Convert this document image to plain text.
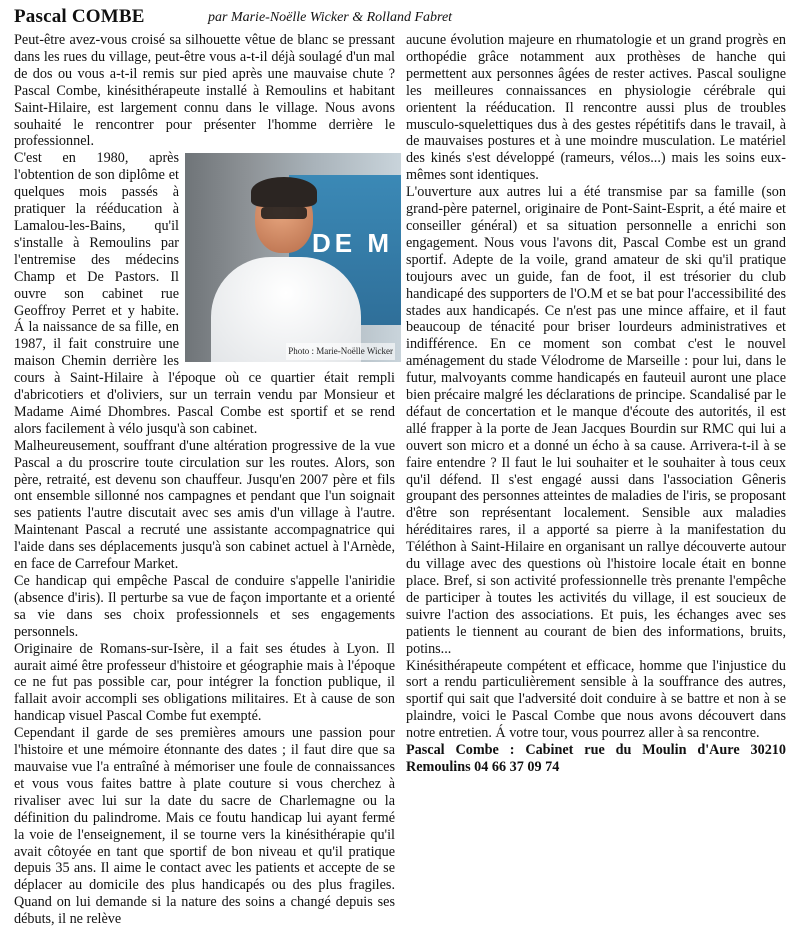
Pascal COMBE	par Marie-Noëlle Wicker & Rolland Fabret

Peut-être avez-vous croisé sa silhouette vêtue de blanc se pressant dans les rues du village, peut-être vous a-t-il déjà soulagé d'un mal de dos ou vous a-t-il remis sur pied après une mauvaise chute ? Pascal Combe, kinésithérapeute installé à Remoulins et habitant Saint-Hilaire, est largement connu dans le village. Nous avons souhaité le rencontrer pour présenter l'homme derrière le professionnel.

DE M
Photo : Marie-Noëlle Wicker

C'est en 1980, après l'obtention de son diplôme et quelques mois passés à pratiquer la rééducation à Lamalou-les-Bains, qu'il s'installe à Remoulins par l'entremise des médecins Champ et De Pastors. Il ouvre son cabinet rue Geoffroy Perret et y habite. Á la naissance de sa fille, en 1987, il fait construire une maison Chemin derrière les cours à Saint-Hilaire à l'époque où ce quartier était rempli d'abricotiers et d'oliviers, sur un terrain vendu par Monsieur et Madame Aimé Dhombres. Pascal Combe est sportif et se rend alors facilement à vélo jusqu'à son cabinet.

Malheureusement, souffrant d'une altération progressive de la vue Pascal a du proscrire toute circulation sur les routes. Alors, son père, retraité, est devenu son chauffeur. Jusqu'en 2007 père et fils ont ensemble sillonné nos campagnes et pendant que l'un soignait ses patients l'autre discutait avec ses amis d'un village à l'autre. Maintenant Pascal a recruté une assistante accompagnatrice qui l'aide dans ses déplacements jusqu'à son cabinet actuel à l'Arnède, en face de Carrefour Market.

Ce handicap qui empêche Pascal de conduire s'appelle l'aniridie (absence d'iris). Il perturbe sa vue de façon importante et a orienté sa vie dans ses choix professionnels et ses engagements personnels.

Originaire de Romans-sur-Isère, il a fait ses études à Lyon. Il aurait aimé être professeur d'histoire et géographie mais à l'époque ce ne fut pas possible car, pour intégrer la fonction publique, il fallait avoir accompli ses obligations militaires. Et à cause de son handicap visuel Pascal Combe fut exempté.

Cependant il garde de ses premières amours une passion pour l'histoire et une mémoire étonnante des dates ; il faut dire que sa mauvaise vue l'a entraîné à mémoriser une foule de connaissances et vous vous faites battre à plate couture si vous cherchez à rivaliser avec lui sur la date du sacre de Charlemagne ou la définition du palindrome. Mais ce foutu handicap lui ayant fermé la voie de l'enseignement, il se tourne vers la kinésithérapie qu'il avait côtoyée en tant que sportif de bon niveau et qu'il pratique depuis 35 ans. Il aime le contact avec les patients et accepte de se déplacer au domicile des plus handicapés ou des plus fragiles. Quand on lui demande si la nature des soins a changé depuis ses débuts, il ne relève

aucune évolution majeure en rhumatologie et un grand progrès en orthopédie grâce notamment aux prothèses de hanche qui permettent aux personnes âgées de rester actives. Pascal souligne les meilleures connaissances en physiologie cérébrale qui orientent la rééducation. Il rencontre aussi plus de troubles musculo-squelettiques dus à des gestes répétitifs dans le travail, à de mauvaises postures et à une moindre musculation. Le matériel des kinés s'est développé (rameurs, vélos...) mais les soins eux-mêmes sont identiques.

L'ouverture aux autres lui a été transmise par sa famille (son grand-père paternel, originaire de Pont-Saint-Esprit, a été maire et conseiller général) et sa situation personnelle a enrichi son engagement. Nous vous l'avons dit, Pascal Combe est un grand sportif. Adepte de la voile, grand amateur de ski qu'il pratique toujours avec un guide, fan de foot, il est trésorier du club handicapé des supporters de l'O.M et se bat pour l'accessibilité des stades aux handicapés. Ce n'est pas une mince affaire, et il faut beaucoup de ténacité pour briser lourdeurs administratives et indifférence. En ce moment son combat c'est le nouvel aménagement du stade Vélodrome de Marseille : pour lui, dans le futur, malvoyants comme handicapés en fauteuil auront une place bien précaire malgré les déclarations de principe. Scandalisé par le défaut de concertation et le manque d'écoute des autorités, il est allé frapper à la porte de Jean Jacques Bourdin sur RMC qui lui a ouvert son micro et a donné un écho à sa cause. Arrivera-t-il à se faire entendre ? Il faut le lui souhaiter et le souhaiter à tous ceux qu'il défend. Il s'est engagé aussi dans l'association Gêneris groupant des personnes atteintes de maladies de l'iris, se proposant d'être son représentant localement. Sensible aux maladies héréditaires rares, il a apporté sa pierre à la manifestation du Téléthon à Saint-Hilaire en organisant un rallye découverte autour du village avec des questions où l'histoire locale était en bonne place. Bref, si son activité professionnelle très prenante l'empêche de participer à toutes les activités du village, il est soucieux de suivre l'action des associations. Et puis, les échanges avec ses patients le tiennent au courant de bien des informations, bruits, potins...

Kinésithérapeute compétent et efficace, homme que l'injustice du sort a rendu particulièrement sensible à la souffrance des autres, sportif qui sait que l'adversité doit conduire à se battre et non à se plaindre, voici le Pascal Combe que nous avons découvert dans notre entretien. Á votre tour, vous pourrez aller à sa rencontre.

Pascal Combe : Cabinet rue du Moulin d'Aure 30210 Remoulins 04 66 37 09 74
